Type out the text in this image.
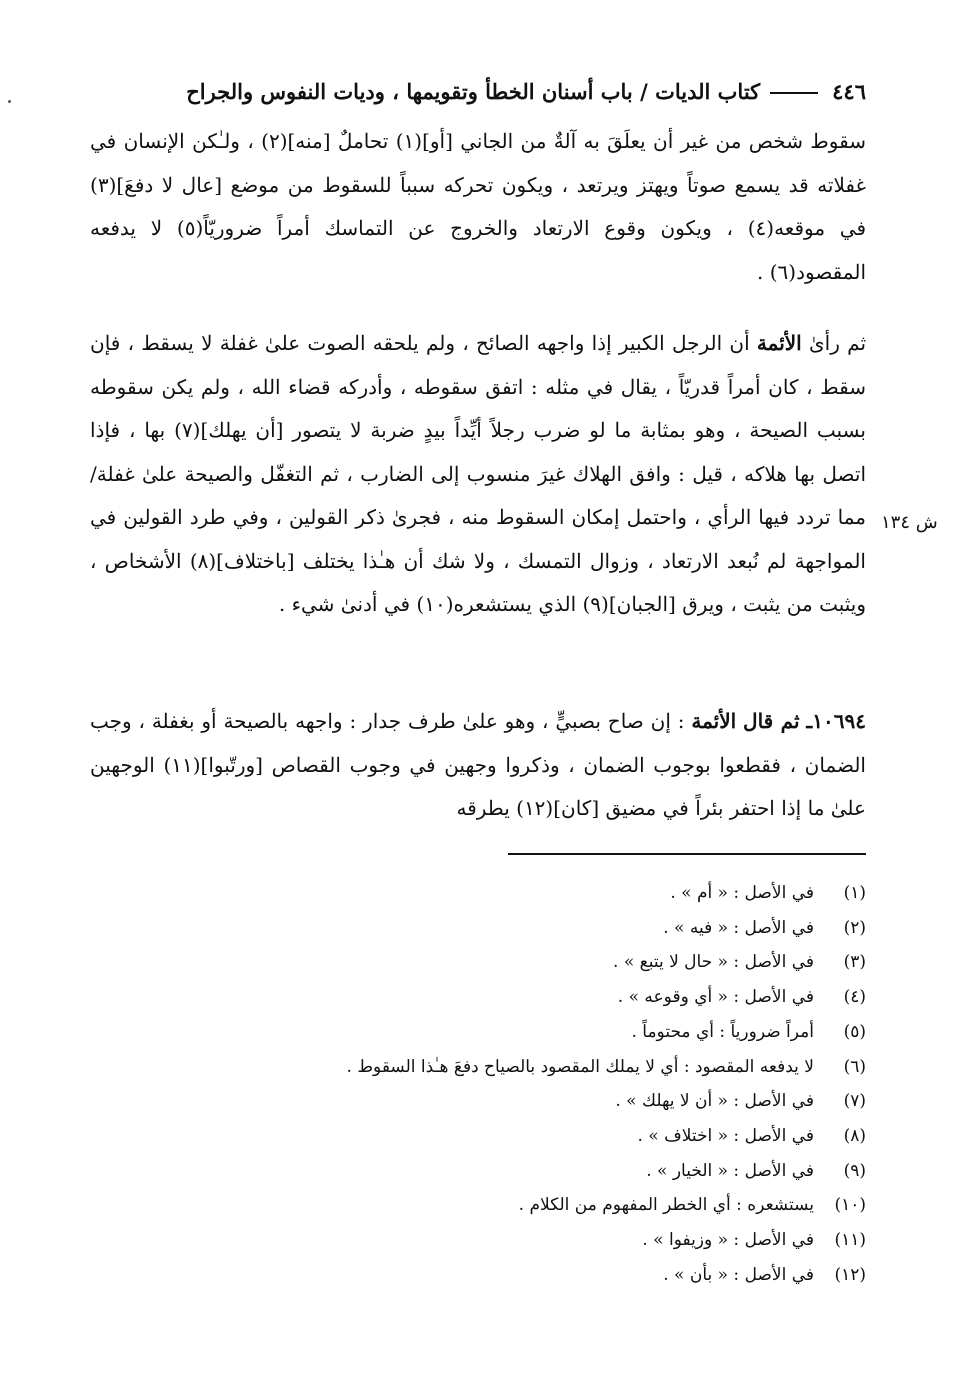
٤٤٦
كتاب الديات / باب أسنان الخطأ وتقويمها ، وديات النفوس والجراح

سقوط شخص من غير أن يعلَقَ به آلةٌ من الجاني [أو](١) تحاملٌ [منه](٢) ، ولـٰكن الإنسان في غفلاته قد يسمع صوتاً ويهتز ويرتعد ، ويكون تحركه سبباً للسقوط من موضع [عال لا دفعَ](٣) في موقعه(٤) ، ويكون وقوع الارتعاد والخروج عن التماسك أمراً ضروريّاً(٥) لا يدفعه المقصود(٦) .

ثم رأىٰ الأئمة أن الرجل الكبير إذا واجهه الصائح ، ولم يلحقه الصوت علىٰ غفلة لا يسقط ، فإن سقط ، كان أمراً قدريّاً ، يقال في مثله : اتفق سقوطه ، وأدركه قضاء الله ، ولم يكن سقوطه بسبب الصيحة ، وهو بمثابة ما لو ضرب رجلاً أيِّداً بيدٍ ضربة لا يتصور [أن يهلك](٧) بها ، فإذا اتصل بها هلاكه ، قيل : وافق الهلاك غيرَ منسوب إلى الضارب ، ثم التغفّل والصيحة علىٰ غفلة/ مما تردد فيها الرأي ، واحتمل إمكان السقوط منه ، فجرىٰ ذكر القولين ، وفي طرد القولين في المواجهة لم نُبعد الارتعاد ، وزوال التمسك ، ولا شك أن هـٰذا يختلف [باختلاف](٨) الأشخاص ، ويثبت من يثبت ، ويرق [الجبان](٩) الذي يستشعره(١٠) في أدنىٰ شيء .

ش ١٣٤

١٠٦٩٤ـ ثم قال الأئمة : إن صاح بصبيٍّ ، وهو علىٰ طرف جدار : واجهه بالصيحة أو بغفلة ، وجب الضمان ، فقطعوا بوجوب الضمان ، وذكروا وجهين في وجوب القصاص [ورتّبوا](١١) الوجهين علىٰ ما إذا احتفر بئراً في مضيق [كان](١٢) يطرقه

(١)في الأصل : « أم » .
(٢)في الأصل : « فيه » .
(٣)في الأصل : « حال لا يتبع » .
(٤)في الأصل : « أي وقوعه » .
(٥)أمراً ضرورياً : أي محتوماً .
(٦)لا يدفعه المقصود : أي لا يملك المقصود بالصياح دفعَ هـٰذا السقوط .
(٧)في الأصل : « أن لا يهلك » .
(٨)في الأصل : « اختلاف » .
(٩)في الأصل : « الخيار » .
(١٠)يستشعره : أي الخطر المفهوم من الكلام .
(١١)في الأصل : « وزيفوا » .
(١٢)في الأصل : « بأن » .
